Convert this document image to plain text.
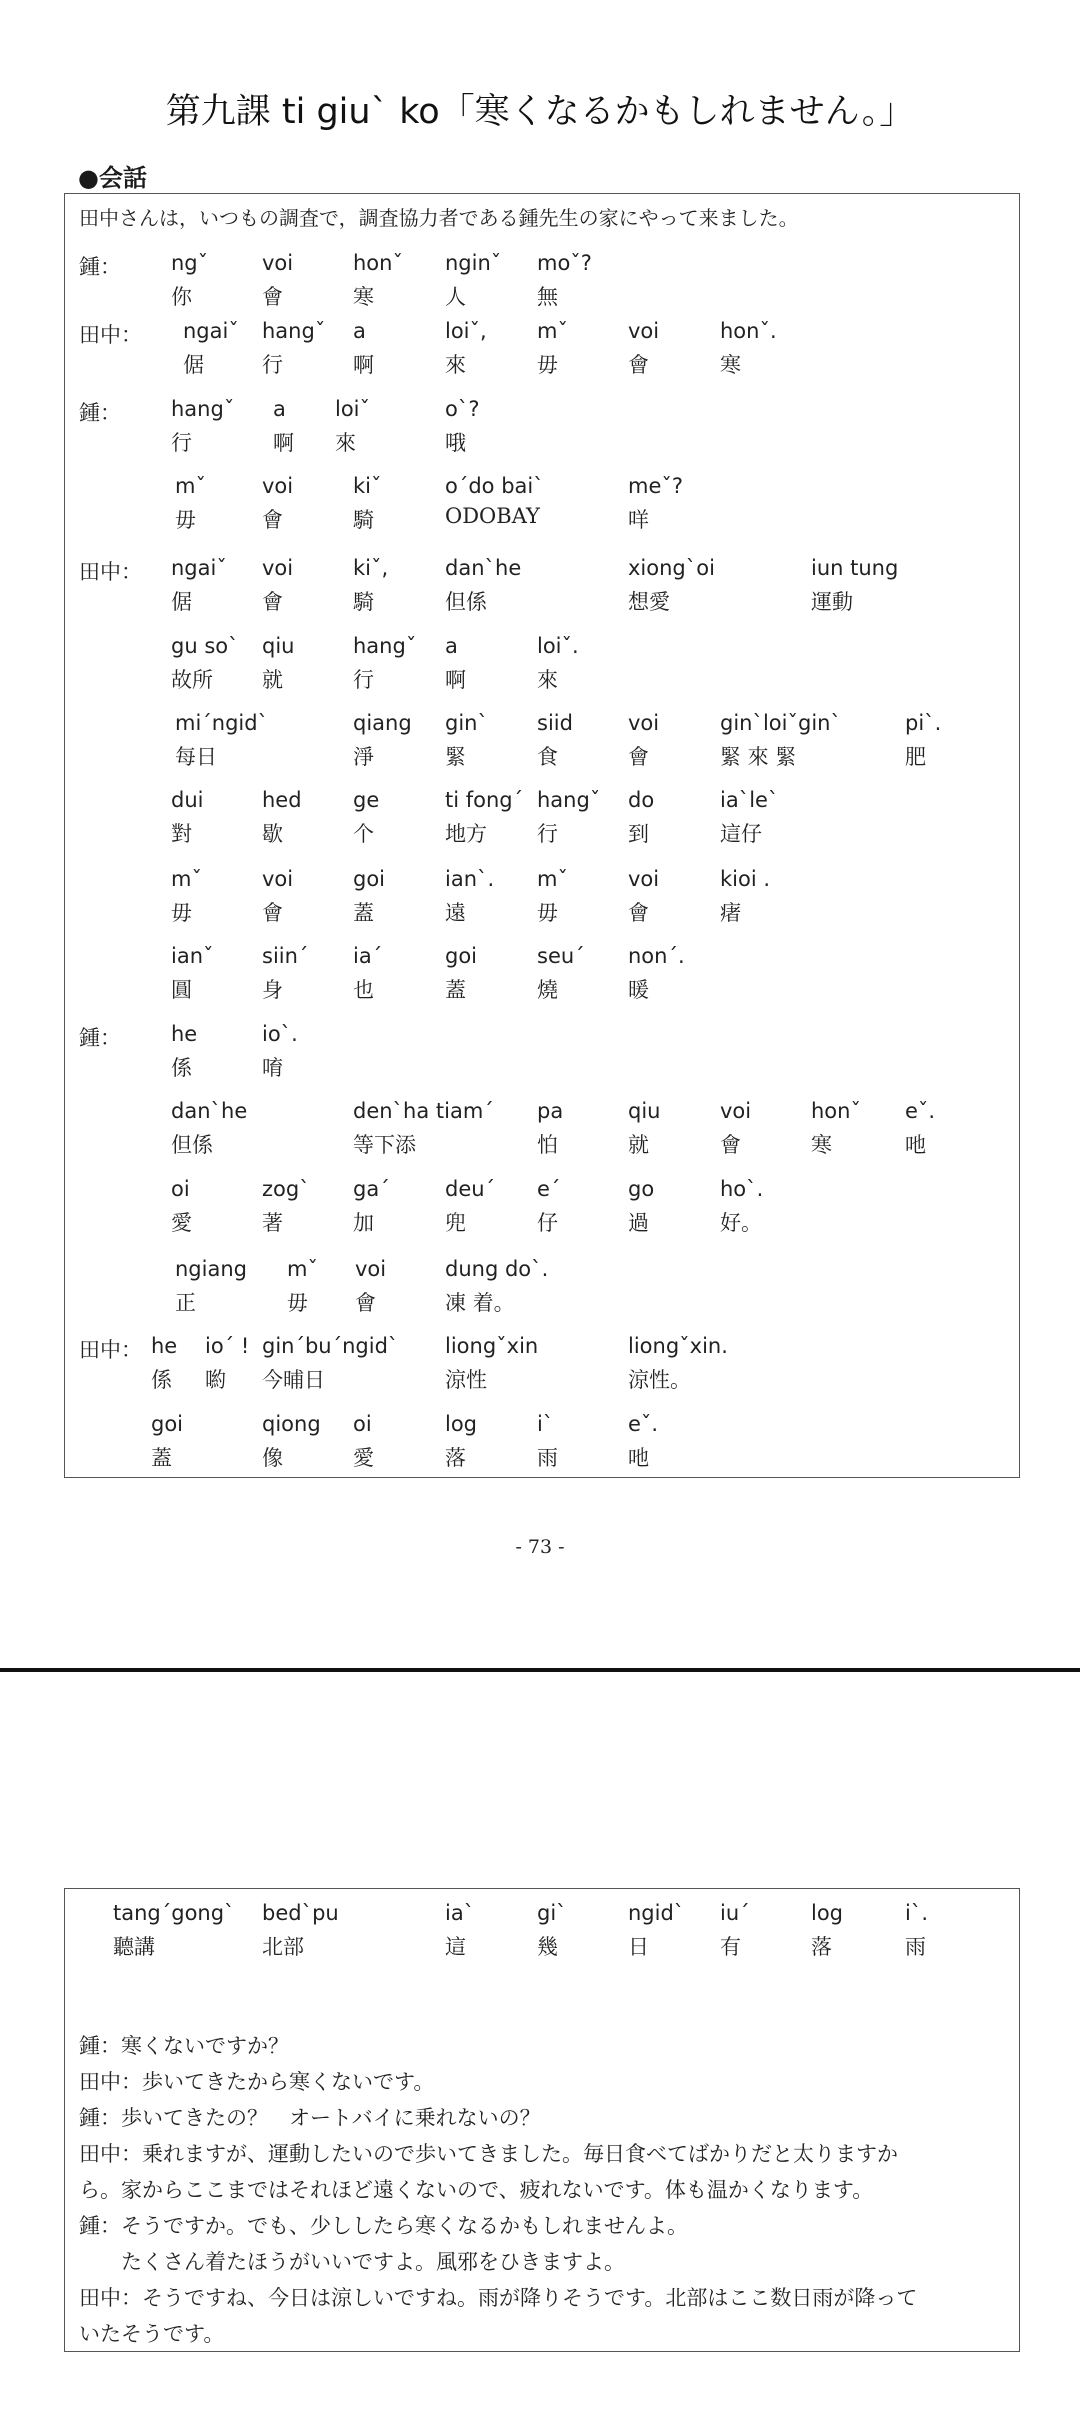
第九課 ti giu` ko「寒くなるかもしれません。」
●会話
田中さんは，いつもの調査で，調査協力者である鍾先生の家にやって来ました。
鍾： ngˇ
你
voi
會
honˇ
寒
nginˇ
人
moˇ?
無
田中： ngaiˇ
倨
hangˇ
行
a
啊
loiˇ,
來
mˇ
毋
voi
會
honˇ.
寒
鍾： hangˇ
行
a
啊
loiˇ
來
o`?
哦
mˇ
毋
voi
會
kiˇ
騎
o´do bai`
ODOBAY
meˇ?
咩
田中： ngaiˇ
倨
voi
會
kiˇ,
騎
dan`he
但係
xiong`oi
想愛
iun tung
運動
gu so`
故所
qiu
就
hangˇ
行
a
啊
loiˇ.
來
mi´ngid`
每日
qiang
淨
gin`
緊
siid
食
voi
會
gin`loiˇgin`
緊 來 緊
pi`.
肥
dui
對
hed
歇
ge
个
ti fong´
地方
hangˇ
行
do
到
ia`le`
這仔
mˇ
毋
voi
會
goi
蓋
ian`.
遠
mˇ
毋
voi
會
kioi .
瘏
ianˇ
圓
siin´
身
ia´
也
goi
蓋
seu´
燒
non´.
暖
鍾： he
係
io`.
唷
dan`he
但係
den`ha tiam´
等下添
pa
怕
qiu
就
voi
會
honˇ
寒
eˇ.
吔
oi
愛
zog`
著
ga´
加
deu´
兜
e´
仔
go
過
ho`.
好。
ngiang
正
mˇ
毋
voi
會
dung do`.
凍 着。
田中： he
係
io´ !
喲
gin´bu´ngid`
今晡日
liongˇxin
涼性
liongˇxin.
涼性。
goi
蓋
qiong
像
oi
愛
log
落
i`
雨
eˇ.
吔
- 73 -
tang´gong`
聽講
bed`pu
北部
ia`
這
gi`
幾
ngid`
日
iu´
有
log
落
i`.
雨
鍾：寒くないですか？
田中：歩いてきたから寒くないです。
鍾：歩いてきたの？　オートバイに乗れないの？
田中：乗れますが、運動したいので歩いてきました。毎日食べてばかりだと太りますか
ら。家からここまではそれほど遠くないので、疲れないです。体も温かくなります。
鍾：そうですか。でも、少ししたら寒くなるかもしれませんよ。
　　たくさん着たほうがいいですよ。風邪をひきますよ。
田中：そうですね、今日は涼しいですね。雨が降りそうです。北部はここ数日雨が降って
いたそうです。
